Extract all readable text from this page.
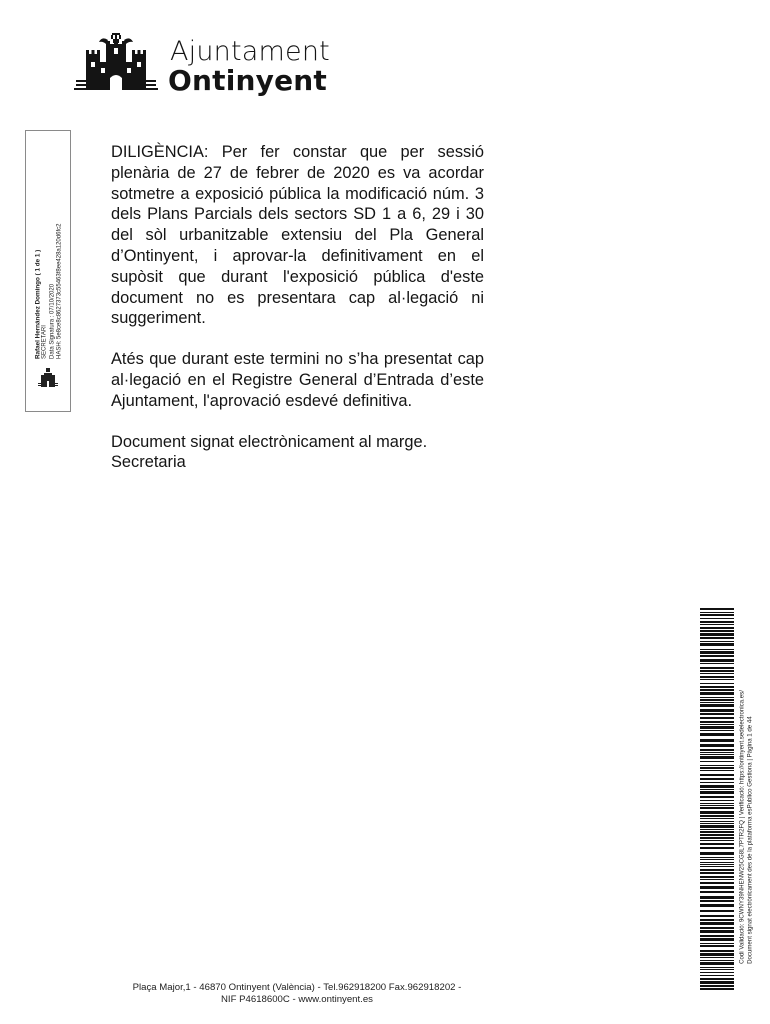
Ajuntament
Ontinyent
Rafael Hernández Domingo ( 1 de 1 ) SECRETARI Data Signatura : 07/10/2020 HASH: 5e8ce8c8627373c55463f8ee428a120d6fc2

DILIGÈNCIA: Per fer constar que per sessió plenària de 27 de febrer de 2020 es va acordar sotmetre a exposició pública la modificació núm. 3 dels Plans Parcials dels sectors SD 1 a 6, 29 i 30 del sòl urbanitzable extensiu del Pla General d’Ontinyent, i aprovar-la definitivament en el supòsit que durant l'exposició pública d'este document no es presentara cap al·legació ni suggeriment.

Atés que durant este termini no s’ha presentat cap al·legació en el Registre General d’Entrada d’este Ajuntament, l'aprovació esdevé definitiva.

Document signat electrònicament al marge.

Secretaria

Codi Validació: 9CWNY39NHENW25CG8L7PTR2FQ | Verificació: https://ontinyent.sedelectronica.es/ Document signat electrònicament des de la plataforma esPublico Gestiona | Pàgina 1 de 44
Plaça Major,1 - 46870 Ontinyent (València) - Tel.962918200 Fax.962918202 -
NIF P4618600C - www.ontinyent.es
